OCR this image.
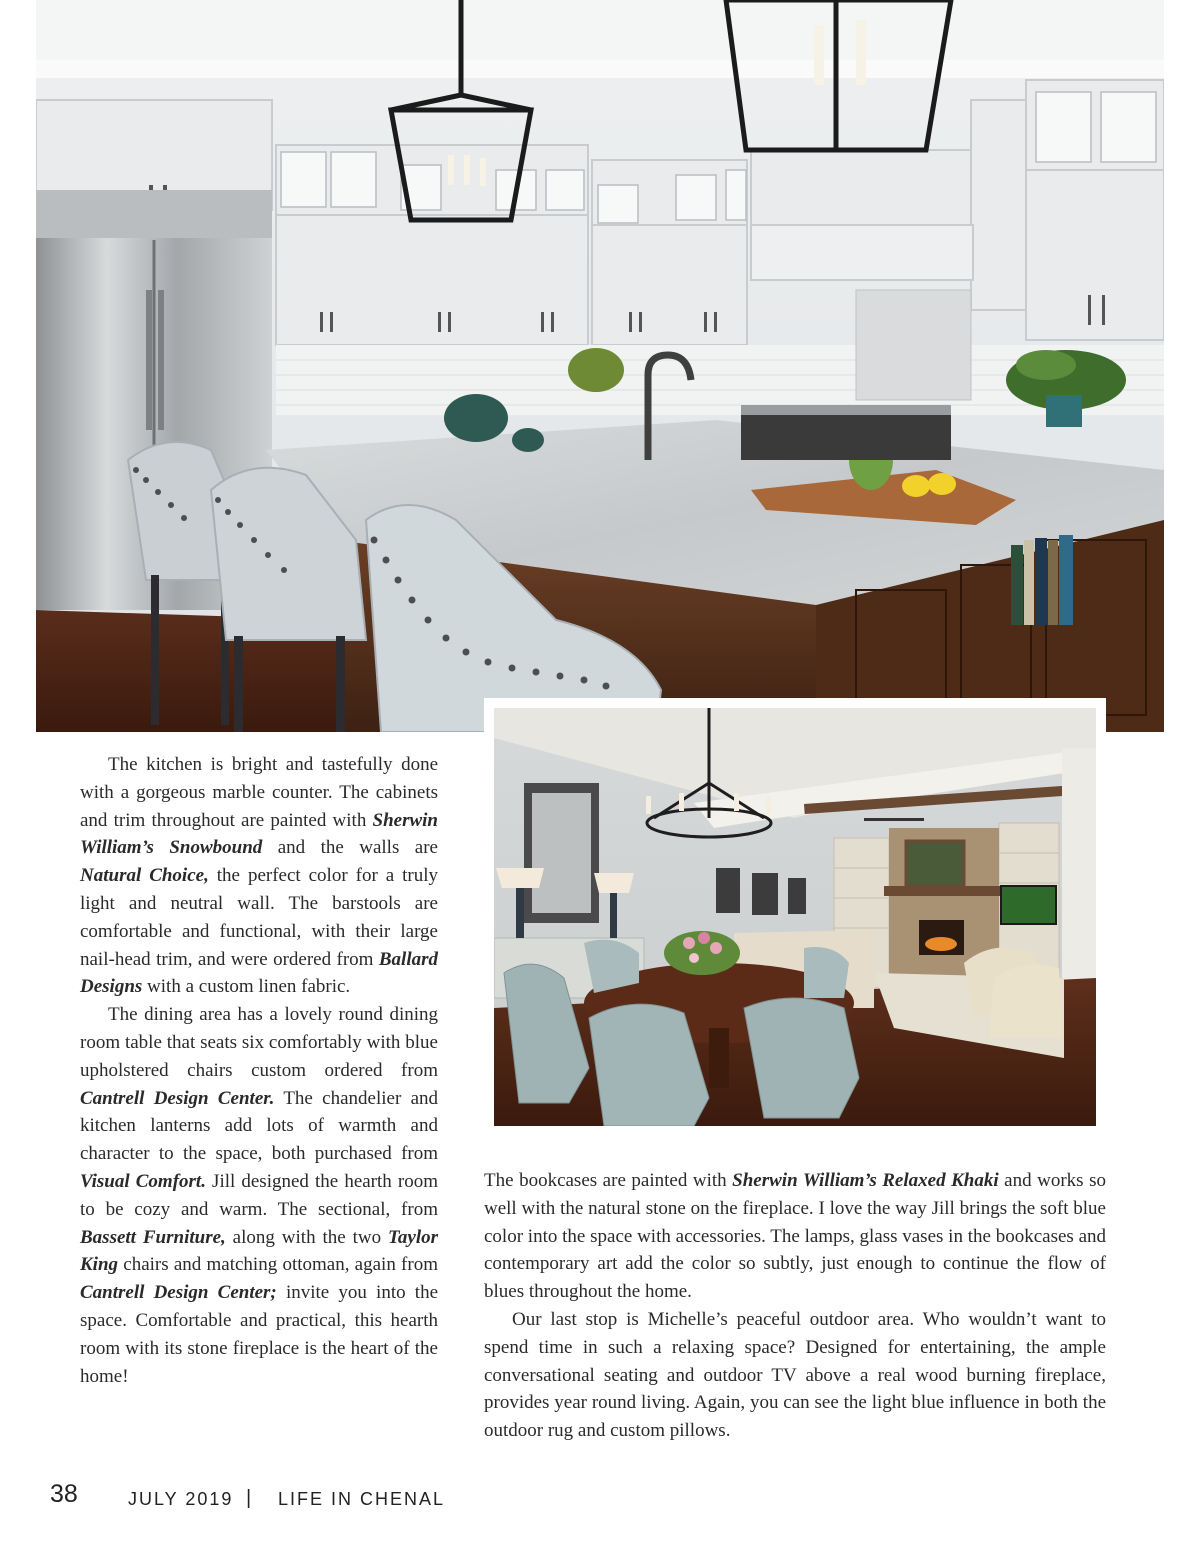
The kitchen is bright and tastefully done with a gorgeous marble counter. The cabinets and trim throughout are painted with Sherwin William’s Snowbound and the walls are Natural Choice, the perfect color for a truly light and neutral wall. The barstools are comfortable and functional, with their large nail-head trim, and were ordered from Ballard Designs with a custom linen fabric.

The dining area has a lovely round dining room table that seats six comfortably with blue upholstered chairs custom ordered from Cantrell Design Center. The chandelier and kitchen lanterns add lots of warmth and character to the space, both purchased from Visual Comfort. Jill designed the hearth room to be cozy and warm. The sectional, from Bassett Furniture, along with the two Taylor King chairs and matching ottoman, again from Cantrell Design Center; invite you into the space. Comfortable and practical, this hearth room with its stone fireplace is the heart of the home!

The bookcases are painted with Sherwin William’s Relaxed Khaki and works so well with the natural stone on the fireplace. I love the way Jill brings the soft blue color into the space with accessories. The lamps, glass vases in the bookcases and contemporary art add the color so subtly, just enough to continue the flow of blues throughout the home.

Our last stop is Michelle’s peaceful outdoor area. Who wouldn’t want to spend time in such a relaxing space? Designed for entertaining, the ample conversational seating and outdoor TV above a real wood burning fireplace, provides year round living. Again, you can see the light blue influence in both the outdoor rug and custom pillows.

38	JULY 2019 | LIFE IN CHENAL
